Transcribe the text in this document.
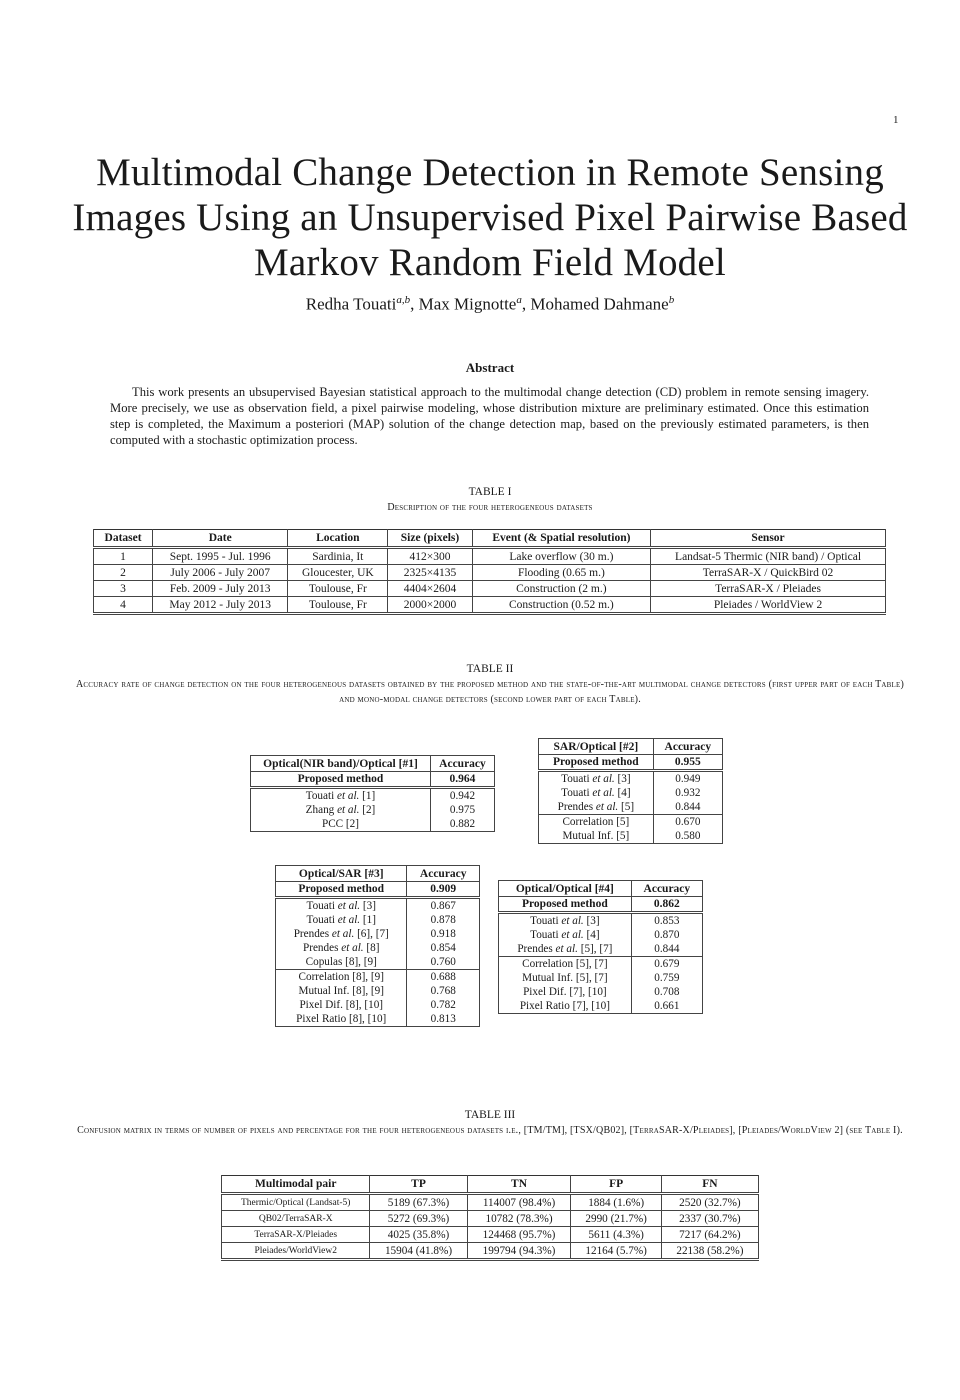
1
Multimodal Change Detection in Remote Sensing Images Using an Unsupervised Pixel Pairwise Based Markov Random Field Model
Redha Touati$^{a,b}$, Max Mignotte$^a$, Mohamed Dahmane$^b$
Abstract
This work presents an ubsupervised Bayesian statistical approach to the multimodal change detection (CD) problem in remote sensing imagery. More precisely, we use as observation field, a pixel pairwise modeling, whose distribution mixture are preliminary estimated. Once this estimation step is completed, the Maximum a posteriori (MAP) solution of the change detection map, based on the previously estimated parameters, is then computed with a stochastic optimization process.
TABLE I
Description of the four heterogeneous datasets
Dataset	Date	Location	Size (pixels)	Event (& Spatial resolution)	Sensor
1	Sept. 1995 - Jul. 1996	Sardinia, It	412×300	Lake overflow (30 m.)	Landsat-5 Thermic (NIR band) / Optical
2	July 2006 - July 2007	Gloucester, UK	2325×4135	Flooding (0.65 m.)	TerraSAR-X / QuickBird 02
3	Feb. 2009 - July 2013	Toulouse, Fr	4404×2604	Construction (2 m.)	TerraSAR-X / Pleiades
4	May 2012 - July 2013	Toulouse, Fr	2000×2000	Construction (0.52 m.)	Pleiades / WorldView 2
TABLE II
Accuracy rate of change detection on the four heterogeneous datasets obtained by the proposed method and the state-of-the-art multimodal change detectors (first upper part of each Table) and mono-modal change detectors (second lower part of each Table).
Optical(NIR band)/Optical [#1]	Accuracy
Proposed method	0.964
Touati et al. [1]	0.942
Zhang et al. [2]	0.975
PCC [2]	0.882
SAR/Optical [#2]	Accuracy
Proposed method	0.955
Touati et al. [3]	0.949
Touati et al. [4]	0.932
Prendes et al. [5]	0.844
Correlation [5]	0.670
Mutual Inf. [5]	0.580
Optical/SAR [#3]	Accuracy
Proposed method	0.909
Touati et al. [3]	0.867
Touati et al. [1]	0.878
Prendes et al. [6], [7]	0.918
Prendes et al. [8]	0.854
Copulas [8], [9]	0.760
Correlation [8], [9]	0.688
Mutual Inf. [8], [9]	0.768
Pixel Dif. [8], [10]	0.782
Pixel Ratio [8], [10]	0.813
Optical/Optical [#4]	Accuracy
Proposed method	0.862
Touati et al. [3]	0.853
Touati et al. [4]	0.870
Prendes et al. [5], [7]	0.844
Correlation [5], [7]	0.679
Mutual Inf. [5], [7]	0.759
Pixel Dif. [7], [10]	0.708
Pixel Ratio [7], [10]	0.661
TABLE III
Confusion matrix in terms of number of pixels and percentage for the four heterogeneous datasets i.e., [TM/TM], [TSX/QB02], [TerraSAR-X/Pleiades], [Pleiades/WorldView 2] (see Table I).
Multimodal pair	TP	TN	FP	FN
Thermic/Optical (Landsat-5)	5189 (67.3%)	114007 (98.4%)	1884 (1.6%)	2520 (32.7%)
QB02/TerraSAR-X	5272 (69.3%)	10782 (78.3%)	2990 (21.7%)	2337 (30.7%)
TerraSAR-X/Pleiades	4025 (35.8%)	124468 (95.7%)	5611 (4.3%)	7217 (64.2%)
Pleiades/WorldView2	15904 (41.8%)	199794 (94.3%)	12164 (5.7%)	22138 (58.2%)
